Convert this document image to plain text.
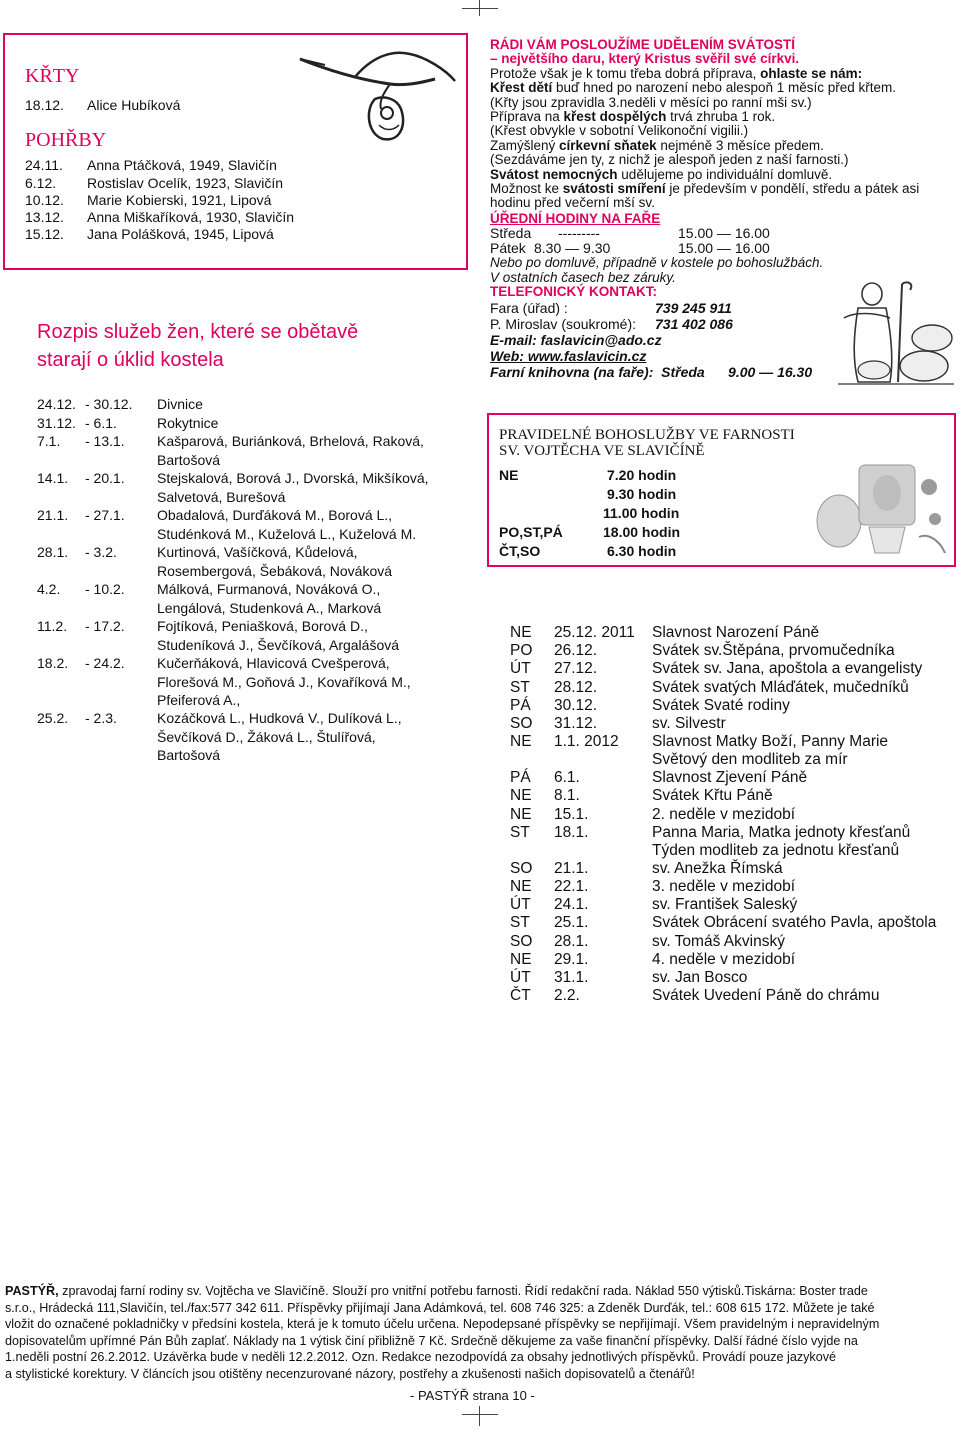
KŘTY
18.12. Alice Hubíková
POHŘBY
24.11. Anna Ptáčková, 1949, Slavičín
6.12. Rostislav Ocelík, 1923, Slavičín
10.12. Marie Kobierski, 1921, Lipová
13.12. Anna Miškaříková, 1930, Slavičín
15.12. Jana Polášková, 1945, Lipová
Rozpis služeb žen, které se obětavě
starají o úklid kostela
24.12. - 30.12. Divnice
31.12. - 6.1.	Rokytnice
7.1. - 13.1. Kašparová, Buriánková, Brhelová, Raková,
Bartošová
14.1. - 20.1. Stejskalová, Borová J., Dvorská, Mikšíková,
Salvetová, Burešová
21.1. - 27.1. Obadalová, Durďáková M., Borová L.,
Studénková M., Kuželová L., Kuželová M.
28.1. - 3.2.	Kurtinová, Vašíčková, Kůdelová,
Rosembergová, Šebáková, Nováková
4.2. - 10.2. Málková, Furmanová, Nováková O.,
Lengálová, Studenková A., Marková
11.2. - 17.2. Fojtíková, Peniašková, Borová D.,
Studeníková J., Ševčíková, Argalášová
18.2. - 24.2. Kučerňáková, Hlavicová Cvešperová,
Florešová M., Goňová J., Kovaříková M.,
Pfeiferová A.,
25.2. - 2.3.	Kozáčková L., Hudková V., Dulíková L.,
Ševčíková D., Žáková L., Štulířová,
Bartošová
RÁDI VÁM POSLOUŽÍME UDĚLENÍM SVÁTOSTÍ
– největšího daru, který Kristus svěřil své církvi.
Protože však je k tomu třeba dobrá příprava, ohlaste se nám:
Křest dětí buď hned po narození nebo alespoň 1 měsíc před křtem.
(Křty jsou zpravidla 3.neděli v měsíci po ranní mši sv.)
Příprava na křest dospělých trvá zhruba 1 rok.
(Křest obvykle v sobotní Velikonoční vigilii.)
Zamýšlený církevní sňatek nejméně 3 měsíce předem.
(Sezdáváme jen ty, z nichž je alespoň jeden z naší farnosti.)
Svátost nemocných udělujeme po individuální domluvě.
Možnost ke svátosti smíření je především v pondělí, středu a pátek asi
hodinu před večerní mší sv.
ÚŘEDNÍ HODINY NA FAŘE
Středa ---------	15.00 — 16.00
Pátek 8.30 — 9.30	15.00 — 16.00
Nebo po domluvě, případně v kostele po bohoslužbách.
V ostatních časech bez záruky.
TELEFONICKÝ KONTAKT:
Fara (úřad) :	739 245 911
P. Miroslav (soukromé): 731 402 086
E-mail: faslavicin@ado.cz
Web: www.faslavicin.cz
Farní knihovna (na faře):  Středa      9.00 — 16.30
PRAVIDELNÉ BOHOSLUŽBY VE FARNOSTI
SV. VOJTĚCHA VE SLAVIČÍNĚ
NE	7.20 hodin
9.30 hodin
11.00 hodin
PO,ST,PÁ	18.00 hodin
ČT,SO	6.30 hodin
NE 25.12. 2011 Slavnost Narození Páně
PO 26.12.	Svátek sv.Štěpána, prvomučedníka
ÚT 27.12.	Svátek sv. Jana, apoštola a evangelisty
ST 28.12.	Svátek svatých Mláďátek, mučedníků
PÁ 30.12.	Svátek Svaté rodiny
SO 31.12.	sv. Silvestr
NE 1.1. 2012 Slavnost Matky Boží, Panny Marie
Světový den modliteb za mír
PÁ 6.1.	Slavnost Zjevení Páně
NE 8.1.	Svátek Křtu Páně
NE 15.1.	2. neděle v mezidobí
ST 18.1.	Panna Maria, Matka jednoty křesťanů
Týden modliteb za jednotu křesťanů
SO 21.1.	sv. Anežka Římská
NE 22.1.	3. neděle v mezidobí
ÚT 24.1.	sv. František Saleský
ST 25.1.	Svátek Obrácení svatého Pavla, apoštola
SO 28.1.	sv. Tomáš Akvinský
NE 29.1.	4. neděle v mezidobí
ÚT 31.1.	sv. Jan Bosco
ČT 2.2.	Svátek Uvedení Páně do chrámu
PASTÝŘ, zpravodaj farní rodiny sv. Vojtěcha ve Slavičíně. Slouží pro vnitřní potřebu farnosti. Řídí redakční rada. Náklad 550 výtisků.Tiskárna: Boster trade
s.r.o., Hrádecká 111,Slavičín, tel./fax:577 342 611. Příspěvky přijímají Jana Adámková, tel. 608 746 325: a Zdeněk Durďák, tel.: 608 615 172. Můžete je také
vložit do označené pokladničky v předsíni kostela, která je k tomuto účelu určena. Nepodepsané příspěvky se nepřijímají. Všem pravidelným i nepravidelným
dopisovatelům upřímné Pán Bůh zaplať. Náklady na 1 výtisk činí přibližně 7 Kč. Srdečně děkujeme za vaše finanční příspěvky. Další řádné číslo vyjde na
1.neděli postní 26.2.2012. Uzávěrka bude v neděli 12.2.2012. Ozn. Redakce nezodpovídá za obsahy jednotlivých příspěvků. Provádí pouze jazykové
a stylistické korektury. V článcích jsou otištěny necenzurované názory, postřehy a zkušenosti našich dopisovatelů a čtenářů!
- PASTÝŘ strana 10 -
